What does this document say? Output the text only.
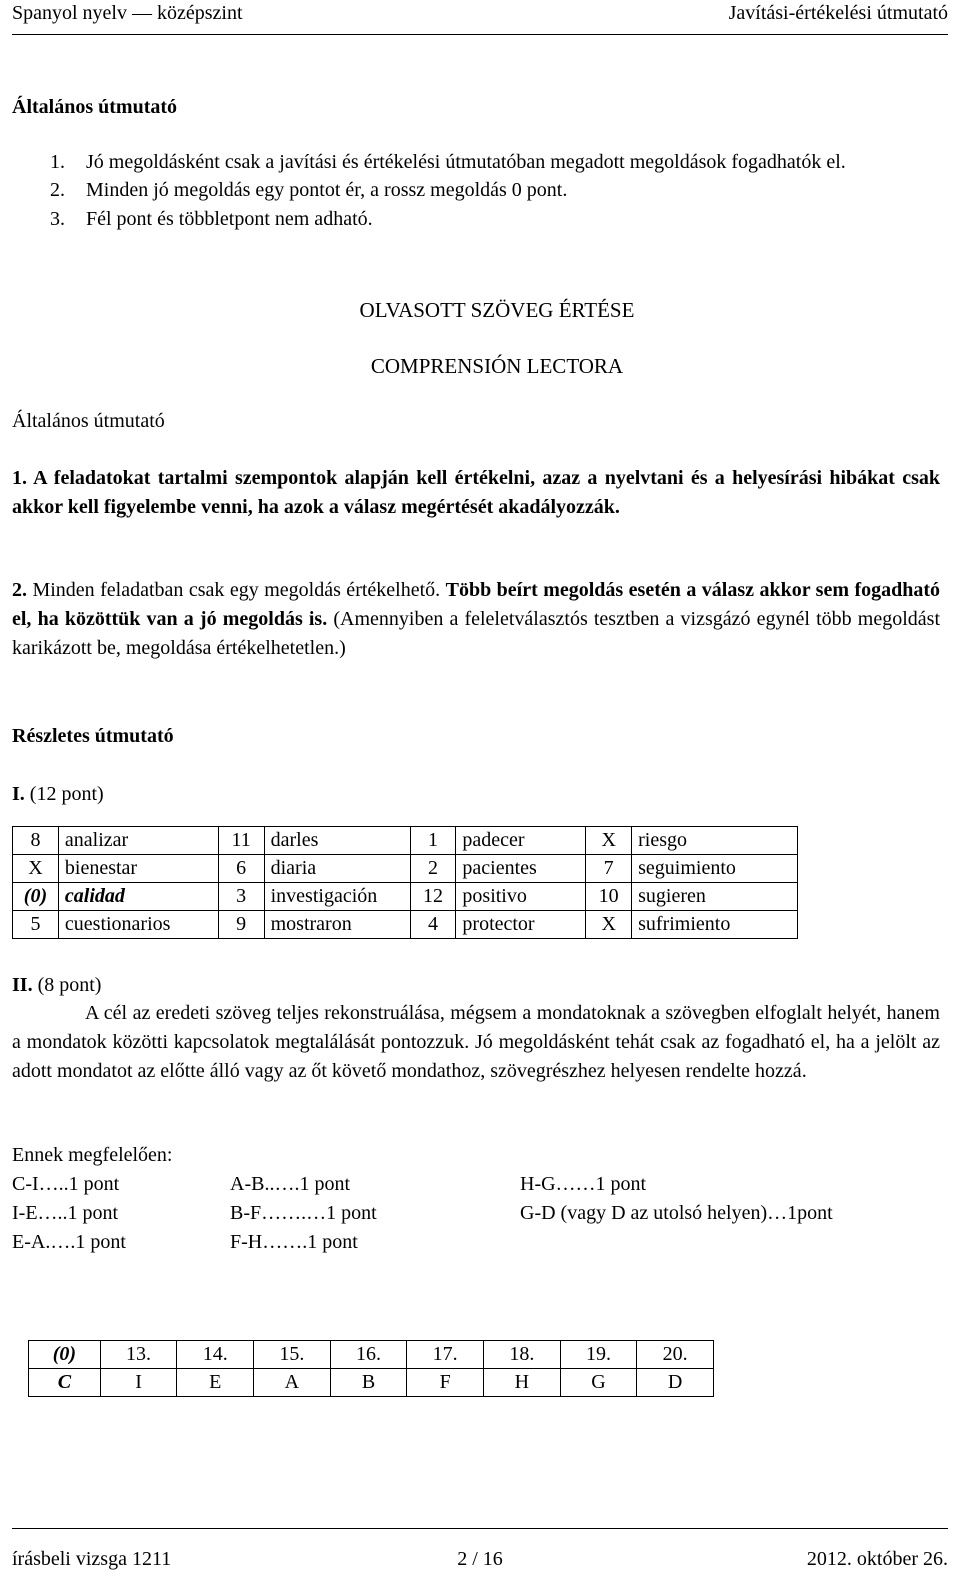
Spanyol nyelv — középszint	Javítási-értékelési útmutató
Általános útmutató
1.	Jó megoldásként csak a javítási és értékelési útmutatóban megadott megoldások fogadhatók el.
2.	Minden jó megoldás egy pontot ér, a rossz megoldás 0 pont.
3.	Fél pont és többletpont nem adható.
OLVASOTT SZÖVEG ÉRTÉSE
COMPRENSIÓN LECTORA
Általános útmutató
1. A feladatokat tartalmi szempontok alapján kell értékelni, azaz a nyelvtani és a helyesírási hibákat csak akkor kell figyelembe venni, ha azok a válasz megértését akadályozzák.
2. Minden feladatban csak egy megoldás értékelhető. Több beírt megoldás esetén a válasz akkor sem fogadható el, ha közöttük van a jó megoldás is. (Amennyiben a feleletválasztós tesztben a vizsgázó egynél több megoldást karikázott be, megoldása értékelhetetlen.)
Részletes útmutató
I. (12 pont)
8	analizar	11	darles	1	padecer	X	riesgo
X	bienestar	6	diaria	2	pacientes	7	seguimiento
(0)	calidad	3	investigación	12	positivo	10	sugieren
5	cuestionarios	9	mostraron	4	protector	X	sufrimiento
II. (8 pont)
A cél az eredeti szöveg teljes rekonstruálása, mégsem a mondatoknak a szövegben elfoglalt helyét, hanem a mondatok közötti kapcsolatok megtalálását pontozzuk. Jó megoldásként tehát csak az fogadható el, ha a jelölt az adott mondatot az előtte álló vagy az őt követő mondathoz, szövegrészhez helyesen rendelte hozzá.
Ennek megfelelően:
C-I…..1 pont
I-E…..1 pont
E-A.….1 pont
A-B..….1 pont
B-F…….…1 pont
F-H…….1 pont
H-G……1 pont
G-D (vagy D az utolsó helyen)…1pont
(0)	13.	14.	15.	16.	17.	18.	19.	20.
C	I	E	A	B	F	H	G	D
írásbeli vizsga 1211	2 / 16	2012. október 26.
